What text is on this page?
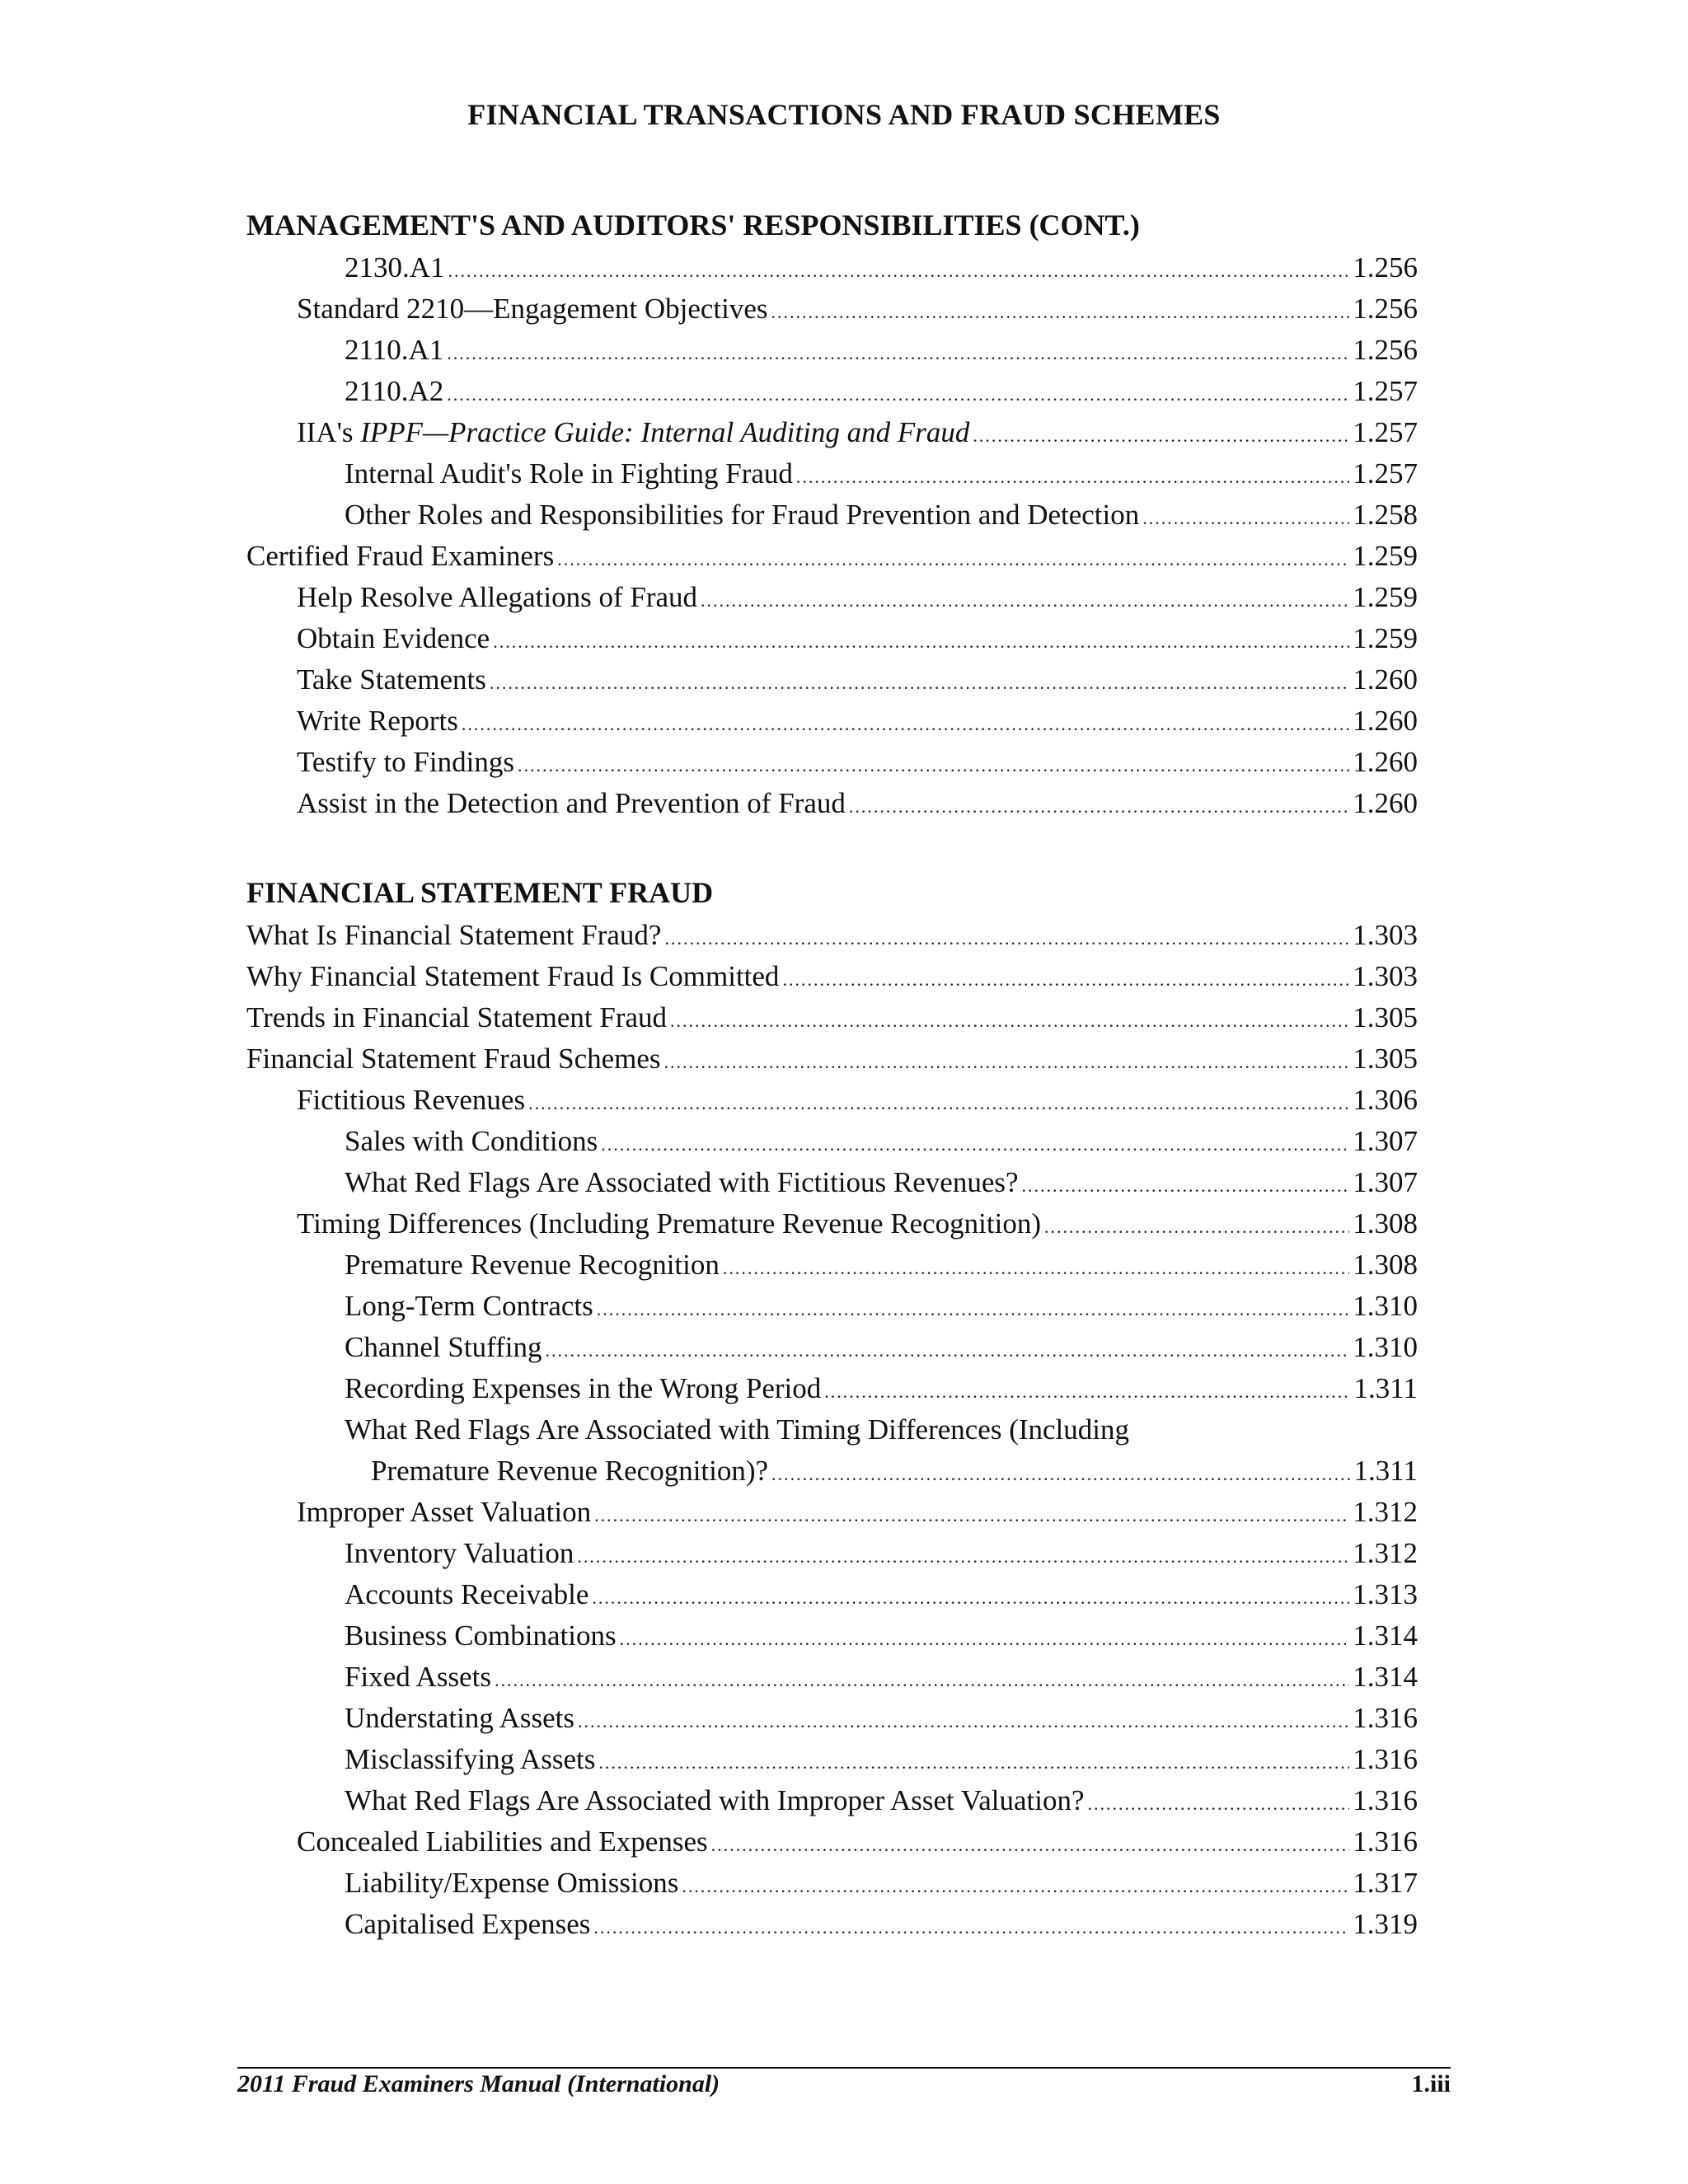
FINANCIAL TRANSACTIONS AND FRAUD SCHEMES
MANAGEMENT'S AND AUDITORS' RESPONSIBILITIES (CONT.)
2130.A1 .....	1.256
Standard 2210—Engagement Objectives .....	1.256
2110.A1 .....	1.256
2110.A2 .....	1.257
IIA's IPPF—Practice Guide: Internal Auditing and Fraud .....	1.257
Internal Audit's Role in Fighting Fraud .....	1.257
Other Roles and Responsibilities for Fraud Prevention and Detection .....	1.258
Certified Fraud Examiners .....	1.259
Help Resolve Allegations of Fraud .....	1.259
Obtain Evidence .....	1.259
Take Statements .....	1.260
Write Reports .....	1.260
Testify to Findings .....	1.260
Assist in the Detection and Prevention of Fraud .....	1.260
FINANCIAL STATEMENT FRAUD
What Is Financial Statement Fraud? .....	1.303
Why Financial Statement Fraud Is Committed .....	1.303
Trends in Financial Statement Fraud .....	1.305
Financial Statement Fraud Schemes .....	1.305
Fictitious Revenues .....	1.306
Sales with Conditions .....	1.307
What Red Flags Are Associated with Fictitious Revenues? .....	1.307
Timing Differences (Including Premature Revenue Recognition) .....	1.308
Premature Revenue Recognition .....	1.308
Long-Term Contracts .....	1.310
Channel Stuffing .....	1.310
Recording Expenses in the Wrong Period .....	1.311
What Red Flags Are Associated with Timing Differences (Including
Premature Revenue Recognition)? .....	1.311
Improper Asset Valuation .....	1.312
Inventory Valuation .....	1.312
Accounts Receivable .....	1.313
Business Combinations .....	1.314
Fixed Assets .....	1.314
Understating Assets .....	1.316
Misclassifying Assets .....	1.316
What Red Flags Are Associated with Improper Asset Valuation? .....	1.316
Concealed Liabilities and Expenses .....	1.316
Liability/Expense Omissions .....	1.317
Capitalised Expenses .....	1.319
2011 Fraud Examiners Manual (International)	1.iii
